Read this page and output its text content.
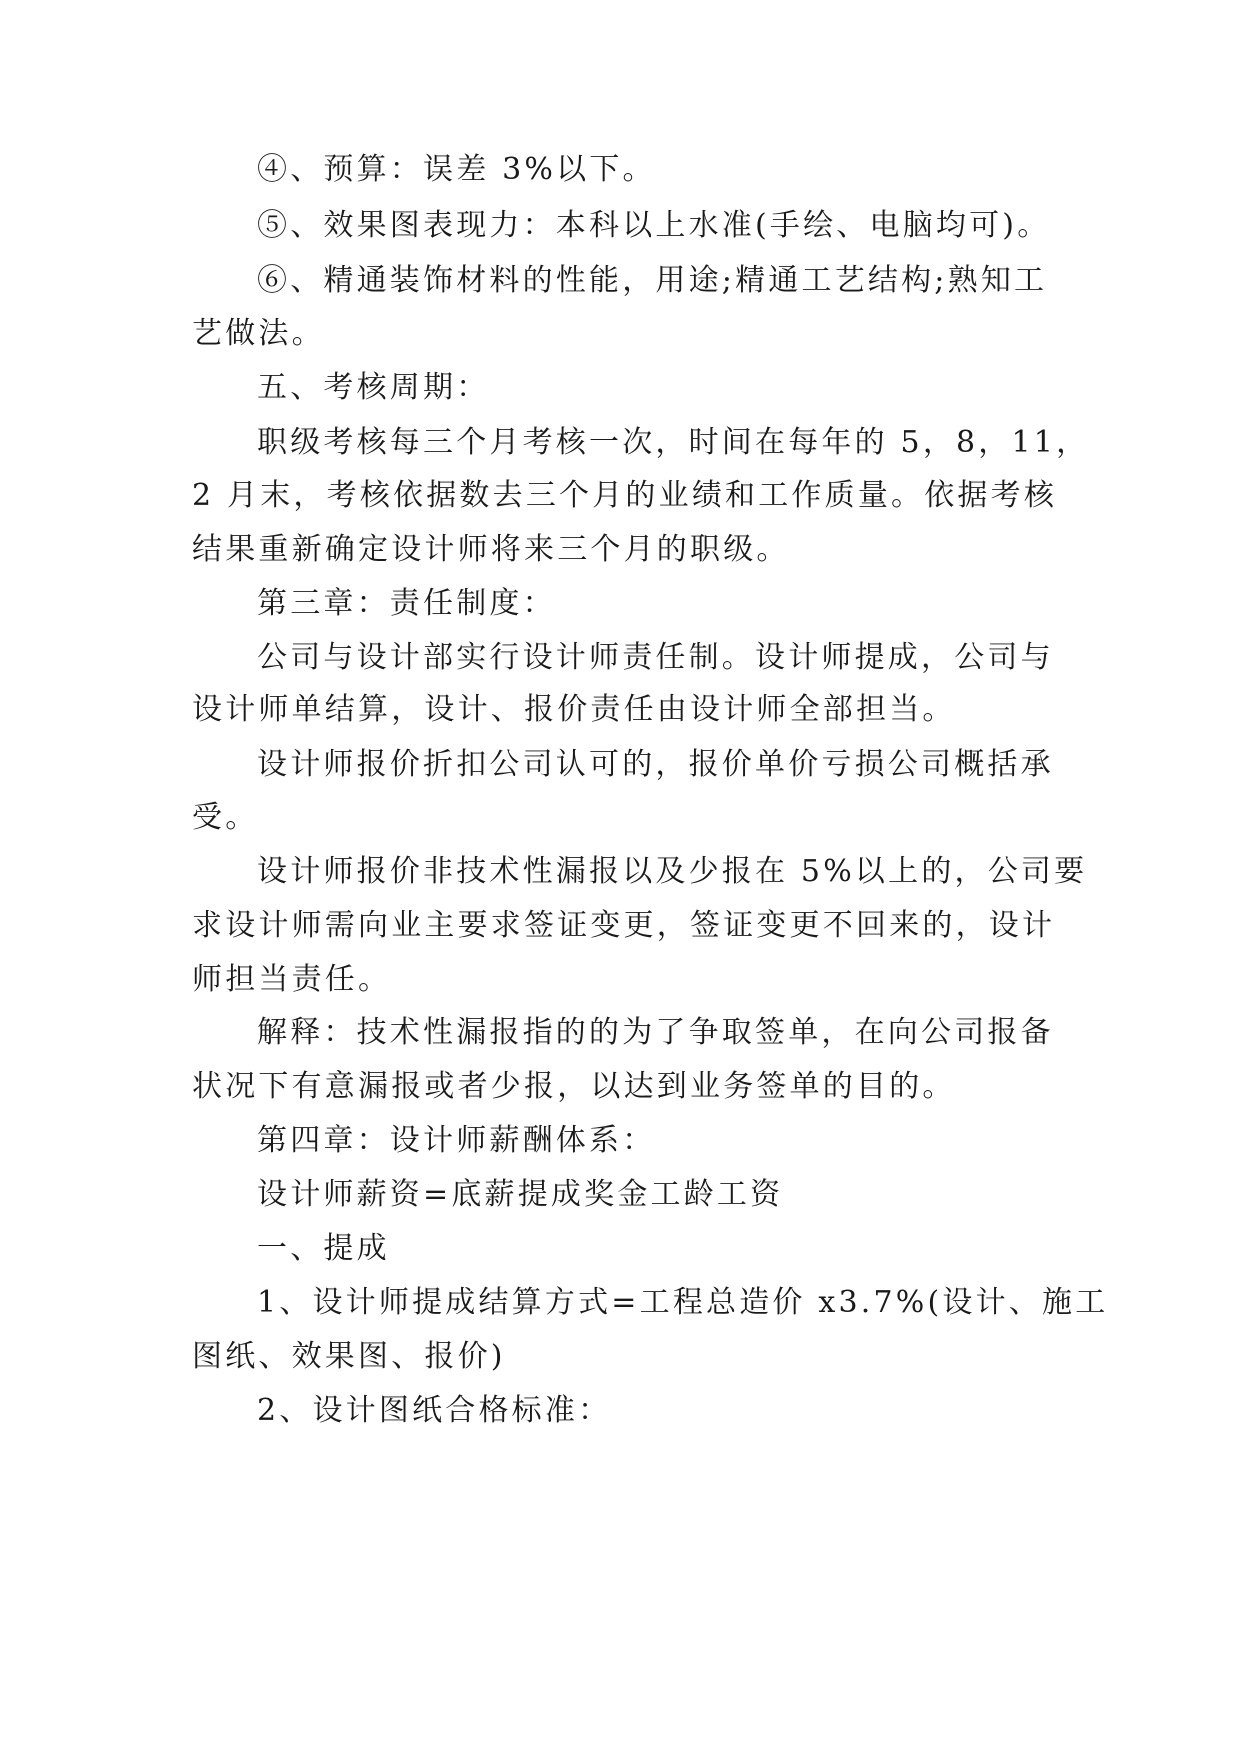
④、预算：误差 3%以下。
⑤、效果图表现力：本科以上水准(手绘、电脑均可)。
⑥、精通装饰材料的性能，用途;精通工艺结构;熟知工
艺做法。
五、考核周期：
职级考核每三个月考核一次，时间在每年的 5，8，11，
2 月末，考核依据数去三个月的业绩和工作质量。依据考核
结果重新确定设计师将来三个月的职级。
第三章：责任制度：
公司与设计部实行设计师责任制。设计师提成，公司与
设计师单结算，设计、报价责任由设计师全部担当。
设计师报价折扣公司认可的，报价单价亏损公司概括承
受。
设计师报价非技术性漏报以及少报在 5%以上的，公司要
求设计师需向业主要求签证变更，签证变更不回来的，设计
师担当责任。
解释：技术性漏报指的的为了争取签单，在向公司报备
状况下有意漏报或者少报，以达到业务签单的目的。
第四章：设计师薪酬体系：
设计师薪资=底薪提成奖金工龄工资
一、提成
1、设计师提成结算方式=工程总造价 x3.7%(设计、施工
图纸、效果图、报价)
2、设计图纸合格标准：
